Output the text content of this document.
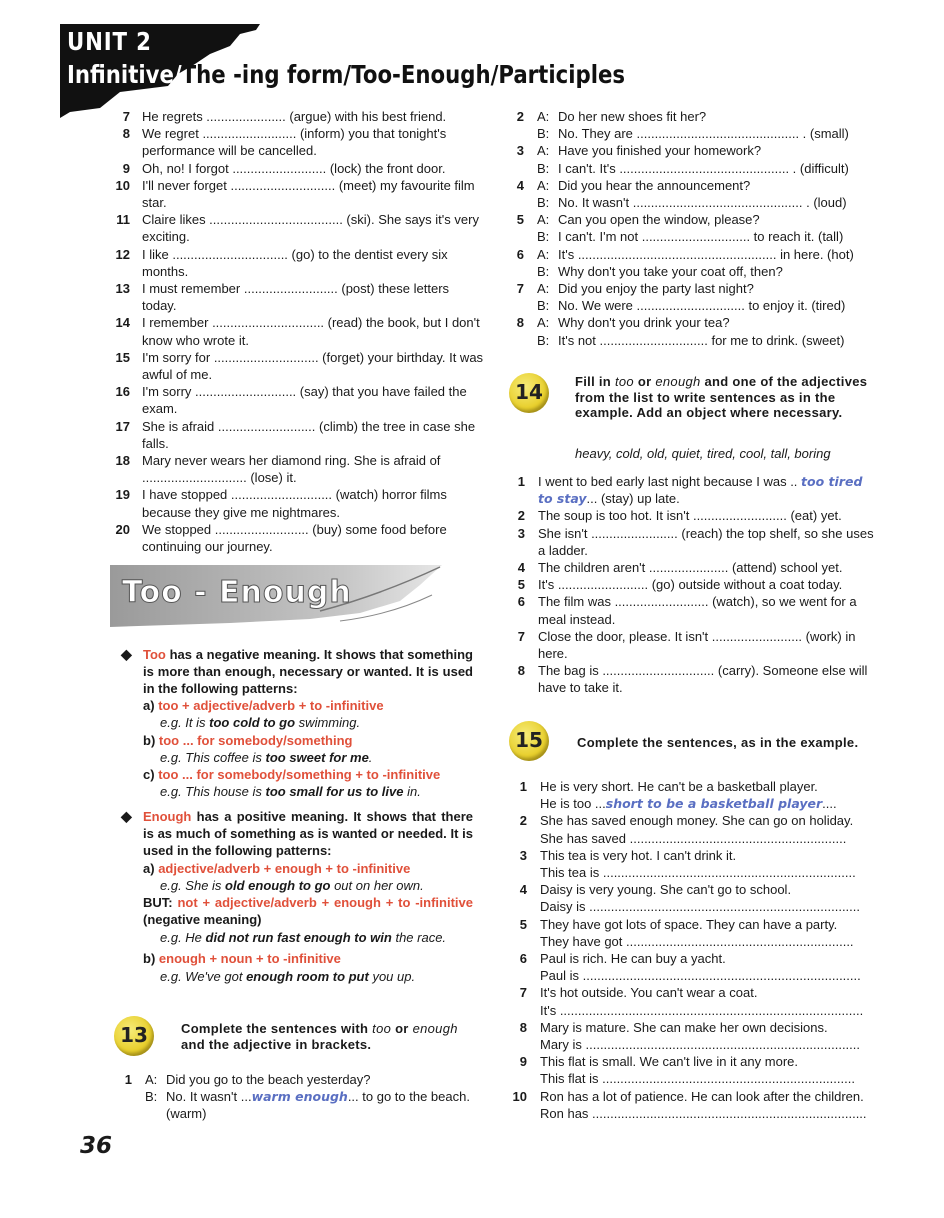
UNIT 2
Infinitive/The -ing form/Too-Enough/Participles
7 He regrets ...................... (argue) with his best friend.
8 We regret .......................... (inform) you that tonight's performance will be cancelled.
9 Oh, no! I forgot .......................... (lock) the front door.
10 I'll never forget ............................. (meet) my favourite film star.
11 Claire likes ..................................... (ski). She says it's very exciting.
12 I like ................................ (go) to the dentist every six months.
13 I must remember .......................... (post) these letters today.
14 I remember ............................... (read) the book, but I don't know who wrote it.
15 I'm sorry for ............................. (forget) your birthday. It was awful of me.
16 I'm sorry ............................ (say) that you have failed the exam.
17 She is afraid ........................... (climb) the tree in case she falls.
18 Mary never wears her diamond ring. She is afraid of ............................. (lose) it.
19 I have stopped ............................ (watch) horror films because they give me nightmares.
20 We stopped .......................... (buy) some food before continuing our journey.
Too - Enough
◆ Too has a negative meaning. It shows that something is more than enough, necessary or wanted. It is used in the following patterns:
a) too + adjective/adverb + to -infinitive
e.g. It is too cold to go swimming.
b) too ... for somebody/something
e.g. This coffee is too sweet for me.
c) too ... for somebody/something + to -infinitive
e.g. This house is too small for us to live in.
◆ Enough has a positive meaning. It shows that there is as much of something as is wanted or needed. It is used in the following patterns:
a) adjective/adverb + enough + to -infinitive
e.g. She is old enough to go out on her own.
BUT: not + adjective/adverb + enough + to -infinitive (negative meaning)
e.g. He did not run fast enough to win the race.
b) enough + noun + to -infinitive
e.g. We've got enough room to put you up.
13	Complete the sentences with too or enough and the adjective in brackets.
1 A: Did you go to the beach yesterday?
B: No. It wasn't ...warm enough... to go to the beach.
(warm)
2 A: Do her new shoes fit her?
B: No. They are ............................................. . (small)
3 A: Have you finished your homework?
B: I can't. It's ............................................... . (difficult)
4 A: Did you hear the announcement?
B: No. It wasn't ............................................... . (loud)
5 A: Can you open the window, please?
B: I can't. I'm not .............................. to reach it. (tall)
6 A: It's ....................................................... in here. (hot)
B: Why don't you take your coat off, then?
7 A: Did you enjoy the party last night?
B: No. We were .............................. to enjoy it. (tired)
8 A: Why don't you drink your tea?
B: It's not .............................. for me to drink. (sweet)
14	Fill in too or enough and one of the adjectives from the list to write sentences as in the example. Add an object where necessary.
heavy, cold, old, quiet, tired, cool, tall, boring
1 I went to bed early last night because I was .. too tired to stay... (stay) up late.
2 The soup is too hot. It isn't .......................... (eat) yet.
3 She isn't ........................ (reach) the top shelf, so she uses a ladder.
4 The children aren't ...................... (attend) school yet.
5 It's ......................... (go) outside without a coat today.
6 The film was .......................... (watch), so we went for a meal instead.
7 Close the door, please. It isn't ......................... (work) in here.
8 The bag is ............................... (carry). Someone else will have to take it.
15	Complete the sentences, as in the example.
1 He is very short. He can't be a basketball player.
He is too ...short to be a basketball player....
2 She has saved enough money. She can go on holiday.
She has saved ............................................................
3 This tea is very hot. I can't drink it.
This tea is ......................................................................
4 Daisy is very young. She can't go to school.
Daisy is ...........................................................................
5 They have got lots of space. They can have a party.
They have got ...............................................................
6 Paul is rich. He can buy a yacht.
Paul is .............................................................................
7 It's hot outside. You can't wear a coat.
It's ....................................................................................
8 Mary is mature. She can make her own decisions.
Mary is ............................................................................
9 This flat is small. We can't live in it any more.
This flat is ......................................................................
10 Ron has a lot of patience. He can look after the children.
Ron has ............................................................................
36
